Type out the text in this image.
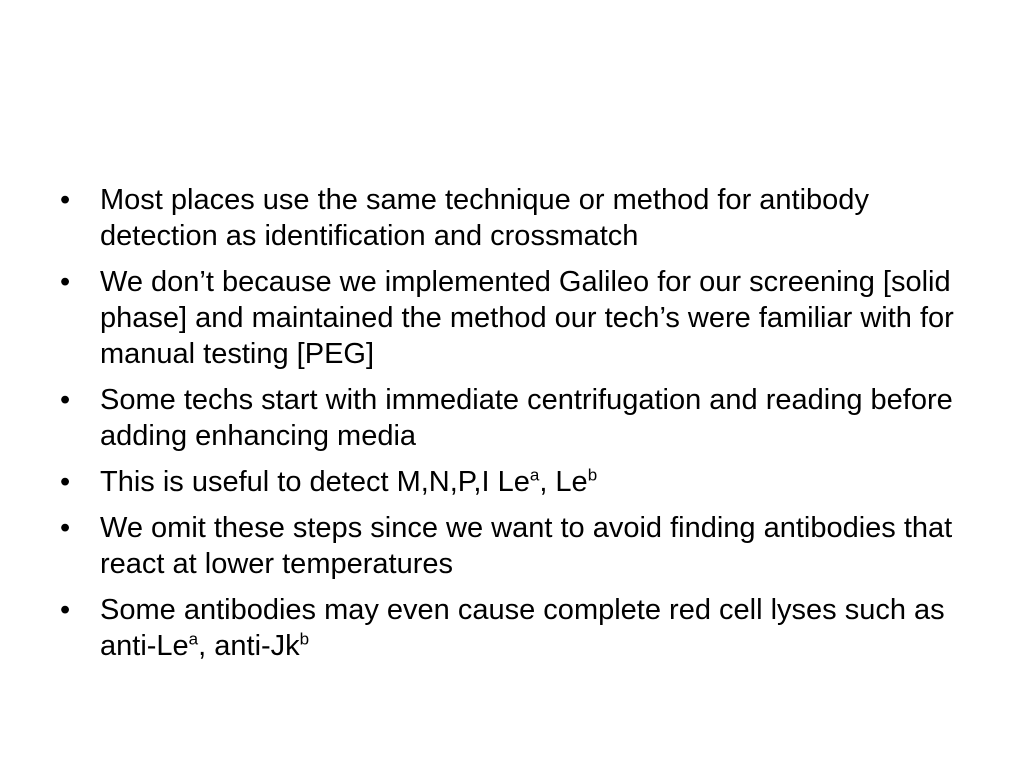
•	Most places use the same technique or method for antibody detection as identification and crossmatch
•	We don’t because we implemented Galileo for our screening [solid phase] and maintained the method our tech’s were familiar with for manual testing [PEG]
•	Some techs start with immediate centrifugation and reading before adding enhancing media
•	This is useful to detect M,N,P,I Le$^a$, Le$^b$
•	We omit these steps since we want to avoid finding antibodies that react at lower temperatures
•	Some antibodies may even cause complete red cell lyses such as anti-Le$^a$, anti-Jk$^b$
